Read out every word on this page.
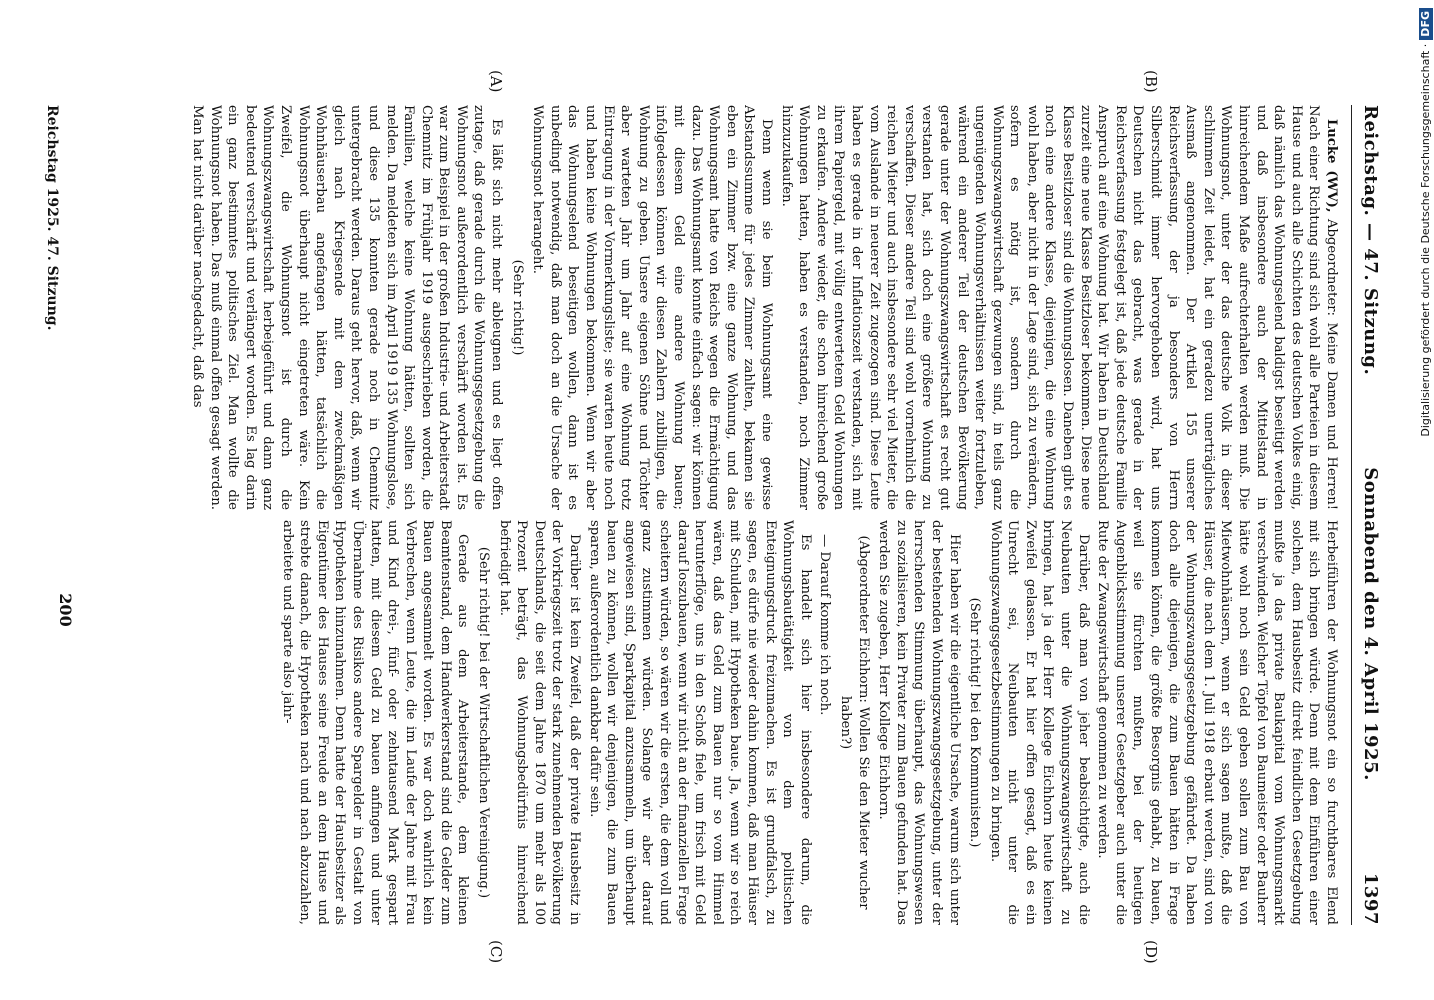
Reichstag. — 47. Sitzung.
Sonnabend den 4. April 1925.
1397
(A)	(B)
(C)	(D)

Lucke (WV), Abgeordneter: Meine Damen und Herren! Nach einer Richtung sind sich wohl alle Parteien in diesem Hause und auch alle Schichten des deutschen Volkes einig, daß nämlich das Wohnungselend baldigst beseitigt werden und daß insbesondere auch der Mittelstand in hinreichendem Maße aufrechterhalten werden muß. Die Wohnungsnot, unter der das deutsche Volk in dieser schlimmen Zeit leidet, hat ein geradezu unerträgliches Ausmaß angenommen. Der Artikel 155 unserer Reichsverfassung, der ja besonders von Herrn Silberschmidt immer hervorgehoben wird, hat uns Deutschen nicht das gebracht, was gerade in der Reichsverfassung festgelegt ist, daß jede deutsche Familie Anspruch auf eine Wohnung hat. Wir haben in Deutschland zurzeit eine neue Klasse Besitzloser bekommen. Diese neue Klasse Besitzloser sind die Wohnungslosen. Daneben gibt es noch eine andere Klasse, diejenigen, die eine Wohnung wohl haben, aber nicht in der Lage sind, sich zu verändern, sofern es nötig ist, sondern durch die Wohnungszwangswirtschaft gezwungen sind, in teils ganz ungenügenden Wohnungsverhältnissen weiter fortzuleben, während ein anderer Teil der deutschen Bevölkerung gerade unter der Wohnungszwangswirtschaft es recht gut verstanden hat, sich doch eine größere Wohnung zu verschaffen. Dieser andere Teil sind wohl vornehmlich die reichen Mieter und auch insbesondere sehr viel Mieter, die vom Auslande in neuerer Zeit zugezogen sind. Diese Leute haben es gerade in der Inflationszeit verstanden, sich mit ihrem Papiergeld, mit völlig entwertetem Geld Wohnungen zu erkaufen. Andere wieder, die schon hinreichend große Wohnungen hatten, haben es verstanden, noch Zimmer hinzuzukaufen.

Denn wenn sie beim Wohnungsamt eine gewisse Abstandssumme für jedes Zimmer zahlten, bekamen sie eben ein Zimmer bzw. eine ganze Wohnung, und das Wohnungsamt hatte von Reichs wegen die Ermächtigung dazu. Das Wohnungsamt konnte einfach sagen: wir können mit diesem Geld eine andere Wohnung bauen; infolgedessen können wir diesen Zahlern zubilligen, die Wohnung zu geben. Unsere eigenen Söhne und Töchter aber warteten Jahr um Jahr auf eine Wohnung trotz Eintragung in der Vormerkungsliste; sie warten heute noch und haben keine Wohnungen bekommen. Wenn wir aber das Wohnungselend beseitigen wollen, dann ist es unbedingt notwendig, daß man doch an die Ursache der Wohnungsnot herangeht.

(Sehr richtig!)

Es läßt sich nicht mehr ableugnen und es liegt offen zutage, daß gerade durch die Wohnungsgesetzgebung die Wohnungsnot außerordentlich verschärft worden ist. Es war zum Beispiel in der großen Industrie- und Arbeiterstadt Chemnitz im Frühjahr 1919 ausgeschrieben worden, die Familien, welche keine Wohnung hätten, sollten sich melden. Da meldeten sich im April 1919 135 Wohnungslose, und diese 135 konnten gerade noch in Chemnitz untergebracht werden. Daraus geht hervor, daß, wenn wir gleich nach Kriegsende mit dem zweckmäßigen Wohnhäuserbau angefangen hätten, tatsächlich die Wohnungsnot überhaupt nicht eingetreten wäre. Kein Zweifel, die Wohnungsnot ist durch die Wohnungszwangswirtschaft herbeigeführt und dann ganz bedeutend verschärft und verlängert worden. Es lag darin ein ganz bestimmtes politisches Ziel. Man wollte die Wohnungsnot haben. Das muß einmal offen gesagt werden. Man hat nicht darüber nachgedacht, daß das

Herbeiführen der Wohnungsnot ein so furchtbares Elend mit sich bringen würde. Denn mit dem Einführen einer solchen, dem Hausbesitz direkt feindlichen Gesetzgebung mußte ja das private Baukapital vom Wohnungsmarkt verschwinden. Welcher Töpfel von Baumeister oder Bauherr hätte wohl noch sein Geld geben sollen zum Bau von Mietwohnhäusern, wenn er sich sagen mußte, daß die Häuser, die nach dem 1. Juli 1918 erbaut werden, sind von der Wohnungszwangsgesetzgebung gefährdet. Da haben doch alle diejenigen, die zum Bauen hätten in Frage kommen können, die größte Besorgnis gehabt, zu bauen, weil sie fürchten mußten, bei der heutigen Augenblicksstimmung unserer Gesetzgeber auch unter die Rute der Zwangswirtschaft genommen zu werden.

Darüber, daß man von jeher beabsichtigte, auch die Neubauten unter die Wohnungszwangswirtschaft zu bringen, hat ja der Herr Kollege Eichhorn heute keinen Zweifel gelassen. Er hat hier offen gesagt, daß es ein Unrecht sei, Neubauten nicht unter die Wohnungszwangsgesetzbestimmungen zu bringen.

(Sehr richtig! bei den Kommunisten.)

Hier haben wir die eigentliche Ursache, warum sich unter der bestehenden Wohnungszwangsgesetzgebung, unter der herrschenden Stimmung überhaupt, das Wohnungswesen zu sozialisieren, kein Privater zum Bauen gefunden hat. Das werden Sie zugeben, Herr Kollege Eichhorn.

(Abgeordneter Eichhorn: Wollen Sie den Mieter wucher haben?)

— Darauf komme ich noch.

Es handelt sich hier insbesondere darum, die Wohnungsbautätigkeit von dem politischen Enteignungsdruck freizumachen. Es ist grundfalsch, zu sagen, es dürfe nie wieder dahin kommen, daß man Häuser mit Schulden, mit Hypotheken baue. Ja, wenn wir so reich wären, daß das Geld zum Bauen nur so vom Himmel herunterflöge, uns in den Schoß fiele, um frisch mit Geld darauf loszubauen, wenn wir nicht an der finanziellen Frage scheitern würden, so wären wir die ersten, die dem voll und ganz zustimmen würden. Solange wir aber darauf angewiesen sind, Sparkapital anzusammeln, um überhaupt bauen zu können, wollen wir denjenigen, die zum Bauen sparen, außerordentlich dankbar dafür sein.

Darüber ist kein Zweifel, daß der private Hausbesitz in der Vorkriegszeit trotz der stark zunehmenden Bevölkerung Deutschlands, die seit dem Jahre 1870 um mehr als 100 Prozent beträgt, das Wohnungsbedürfnis hinreichend befriedigt hat.

(Sehr richtig! bei der Wirtschaftlichen Vereinigung.)

Gerade aus dem Arbeiterstande, dem kleinen Beamtenstand, dem Handwerkerstand sind die Gelder zum Bauen angesammelt worden. Es war doch wahrlich kein Verbrechen, wenn Leute, die im Laufe der Jahre mit Frau und Kind drei-, fünf- oder zehntausend Mark gespart hatten, mit diesem Geld zu bauen anfingen und unter Übernahme des Risikos andere Spargelder in Gestalt von Hypotheken hinzunahmen. Denn hatte der Hausbesitzer als Eigentümer des Hauses seine Freude an dem Hause und strebte danach, die Hypotheken nach und nach abzuzahlen, arbeitete und sparte also jahr-

200
Reichstag 1925. 47. Sitzung.	Digitalisierung gefördert durch die Deutsche Forschungsgemeinschaft ·DFG
